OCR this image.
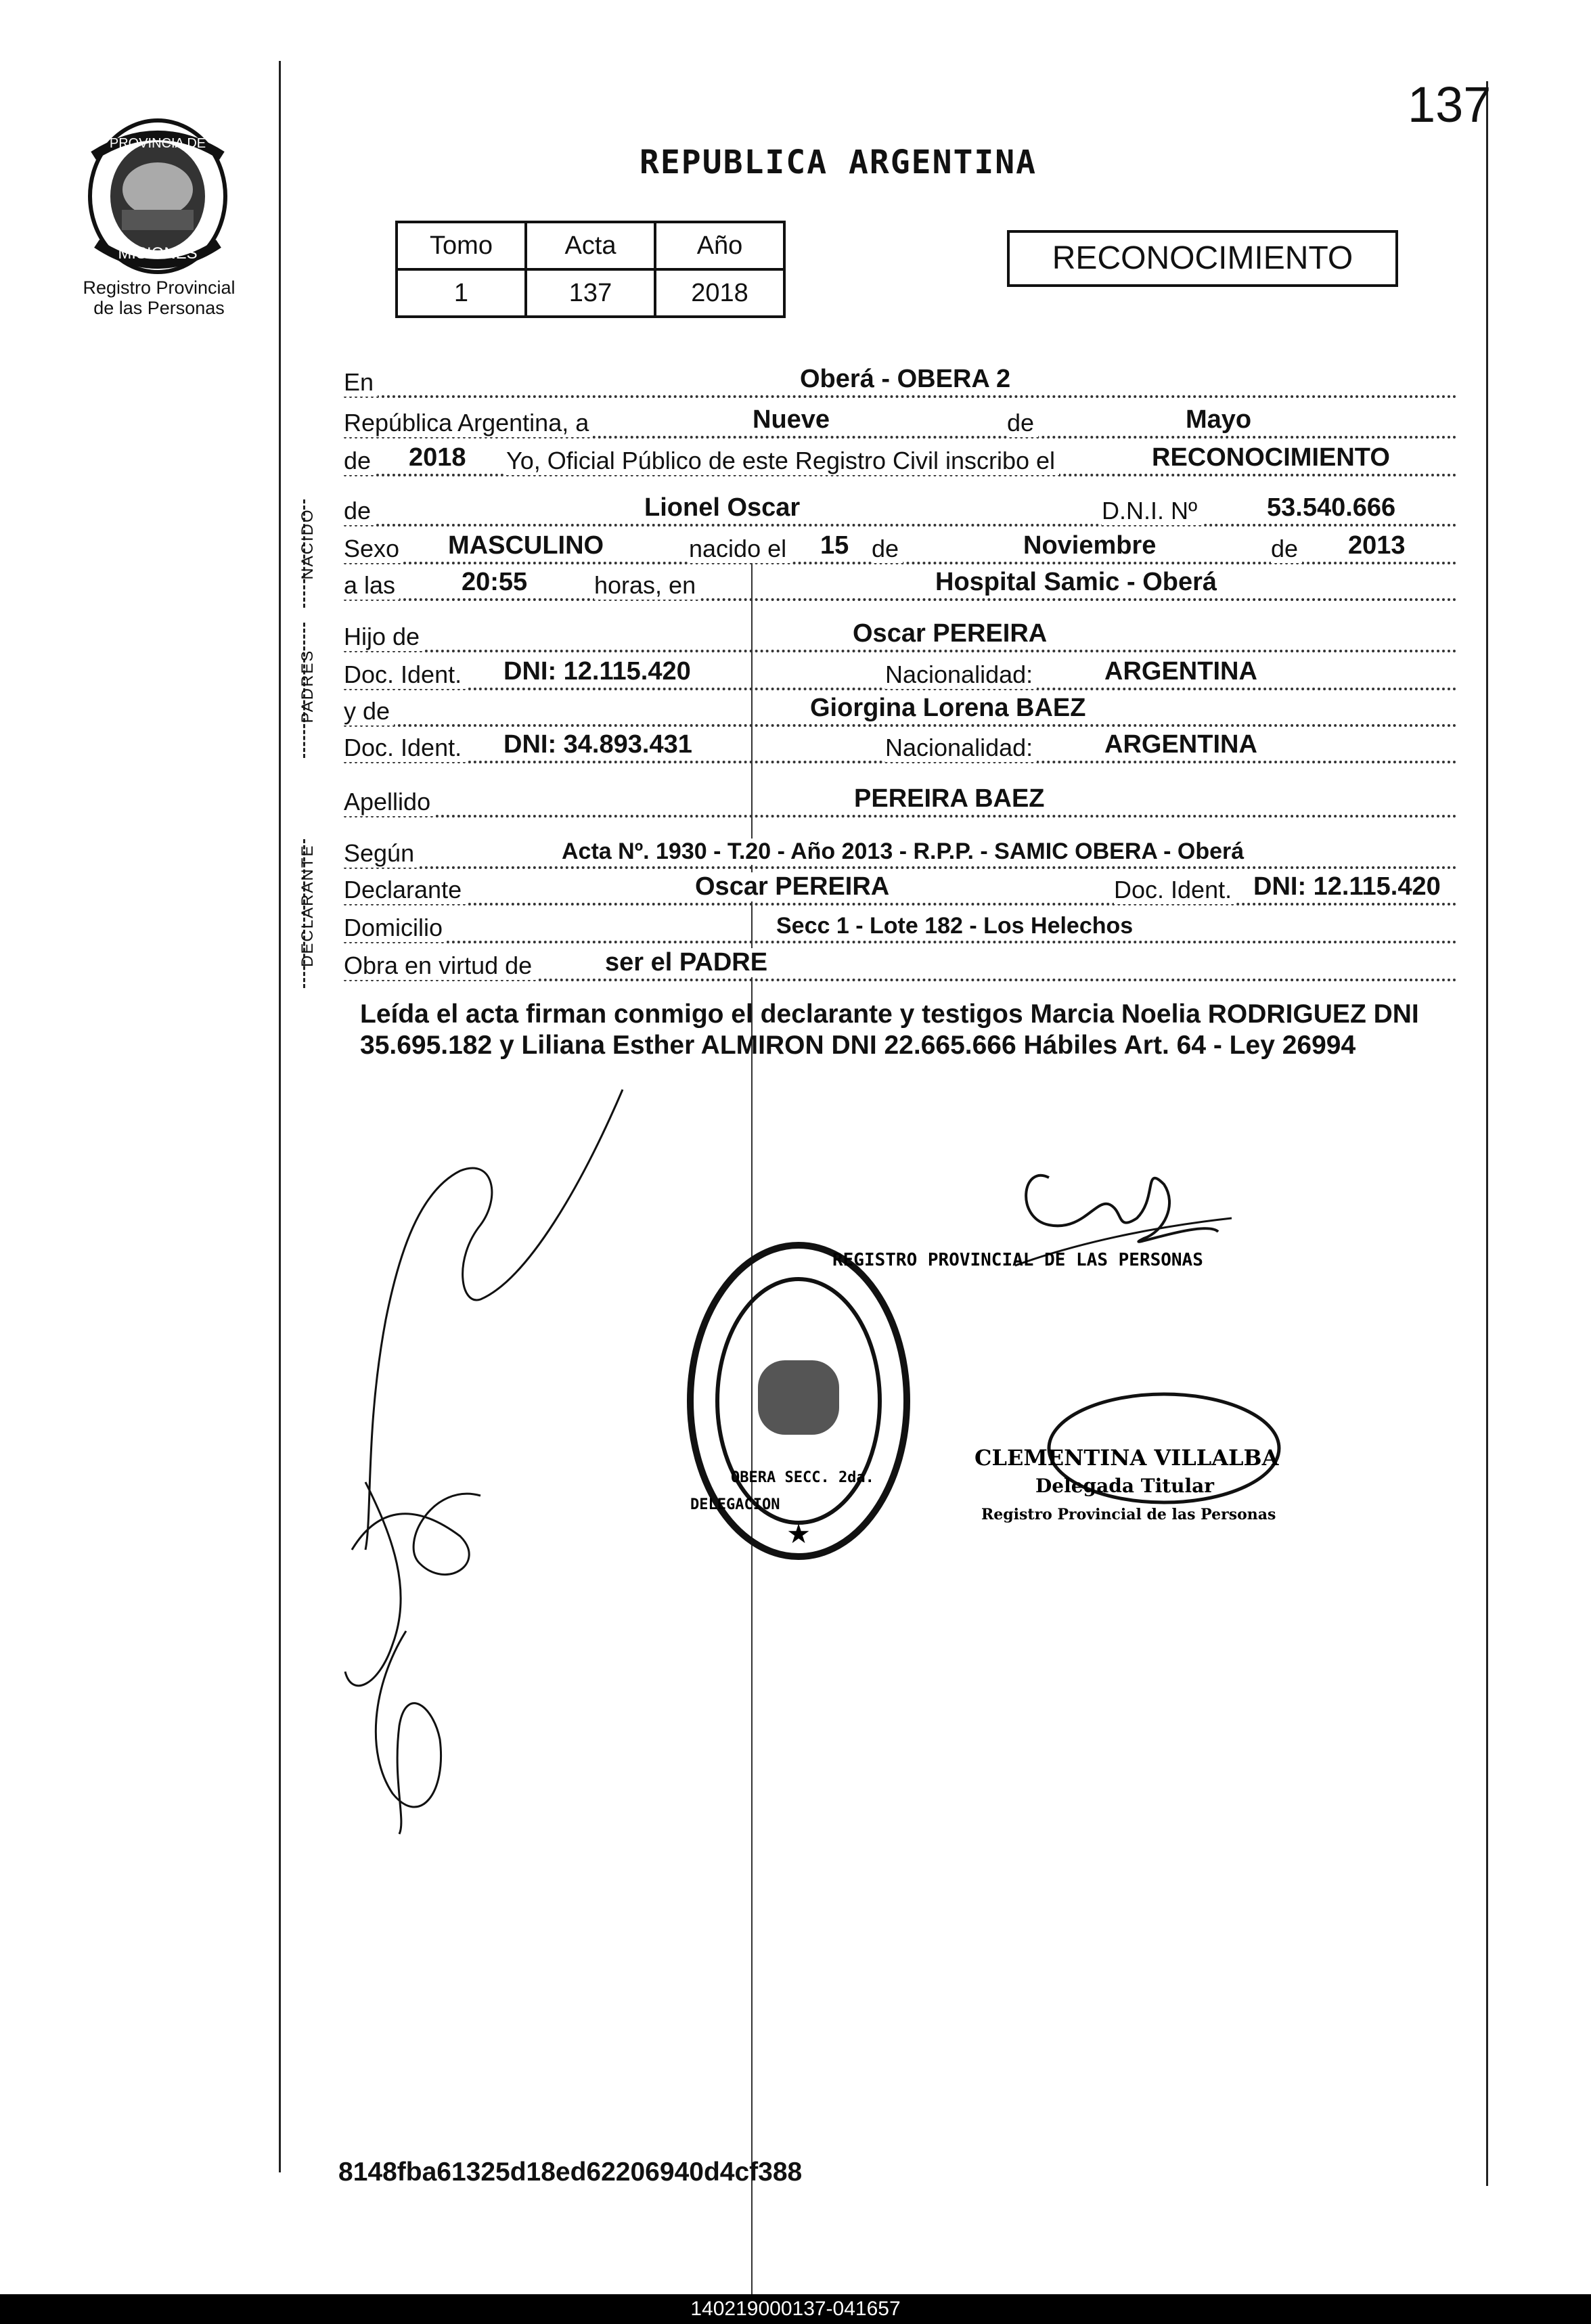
PROVINCIA DE
MISIONES
Registro Provincial
de las Personas
137
REPUBLICA ARGENTINA
Tomo	Acta	Año
1	137	2018
RECONOCIMIENTO
En	Oberá - OBERA 2
República Argentina, a	Nueve	de	Mayo
de 2018 Yo, Oficial Público de este Registro Civil inscribo el	RECONOCIMIENTO
NACIDO de	Lionel Oscar	D.N.I. Nº	53.540.666
Sexo MASCULINO	nacido el 15 de	Noviembre	de 2013
a las	20:55	horas, en	Hospital Samic - Oberá
PADRES
Hijo de	Oscar PEREIRA
Doc. Ident. DNI: 12.115.420	Nacionalidad:	ARGENTINA
y de	Giorgina Lorena BAEZ
Doc. Ident. DNI: 34.893.431	Nacionalidad:	ARGENTINA
Apellido	PEREIRA BAEZ
DECLARANTE Según	Acta Nº. 1930 - T.20 - Año 2013 - R.P.P. - SAMIC OBERA - Oberá
Declarante	Oscar PEREIRA	Doc. Ident. DNI: 12.115.420
Domicilio	Secc 1 - Lote 182 - Los Helechos
Obra en virtud de	ser el PADRE
Leída el acta firman conmigo el declarante y testigos Marcia Noelia RODRIGUEZ DNI 35.695.182 y Liliana Esther ALMIRON DNI 22.665.666 Hábiles Art. 64 - Ley 26994
★
REGISTRO PROVINCIAL DE LAS PERSONAS
DELEGACION
OBERA SECC. 2da.
CLEMENTINA VILLALBA
Delegada Titular
Registro Provincial de las Personas
8148fba61325d18ed62206940d4cf388
140219000137-041657
